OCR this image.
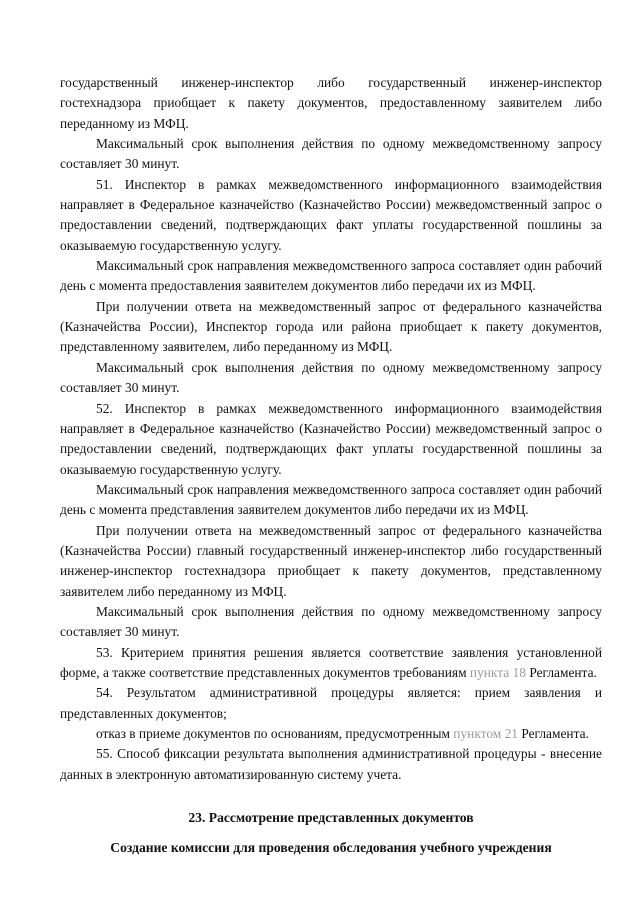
государственный инженер-инспектор либо государственный инженер-инспектор гостехнадзора приобщает к пакету документов, предоставленному заявителем либо переданному из МФЦ.

Максимальный срок выполнения действия по одному межведомственному запросу составляет 30 минут.

51. Инспектор в рамках межведомственного информационного взаимодействия направляет в Федеральное казначейство (Казначейство России) межведомственный запрос о предоставлении сведений, подтверждающих факт уплаты государственной пошлины за оказываемую государственную услугу.

Максимальный срок направления межведомственного запроса составляет один рабочий день с момента предоставления заявителем документов либо передачи их из МФЦ.

При получении ответа на межведомственный запрос от федерального казначейства (Казначейства России), Инспектор города или района приобщает к пакету документов, представленному заявителем, либо переданному из МФЦ.

Максимальный срок выполнения действия по одному межведомственному запросу составляет 30 минут.

52. Инспектор в рамках межведомственного информационного взаимодействия направляет в Федеральное казначейство (Казначейство России) межведомственный запрос о предоставлении сведений, подтверждающих факт уплаты государственной пошлины за оказываемую государственную услугу.

Максимальный срок направления межведомственного запроса составляет один рабочий день с момента представления заявителем документов либо передачи их из МФЦ.

При получении ответа на межведомственный запрос от федерального казначейства (Казначейства России) главный государственный инженер-инспектор либо государственный инженер-инспектор гостехнадзора приобщает к пакету документов, представленному заявителем либо переданному из МФЦ.

Максимальный срок выполнения действия по одному межведомственному запросу составляет 30 минут.

53. Критерием принятия решения является соответствие заявления установленной форме, а также соответствие представленных документов требованиям пункта 18 Регламента.

54. Результатом административной процедуры является: прием заявления и представленных документов;

отказ в приеме документов по основаниям, предусмотренным пунктом 21 Регламента.

55. Способ фиксации результата выполнения административной процедуры - внесение данных в электронную автоматизированную систему учета.

23. Рассмотрение представленных документов

Создание комиссии для проведения обследования учебного учреждения
